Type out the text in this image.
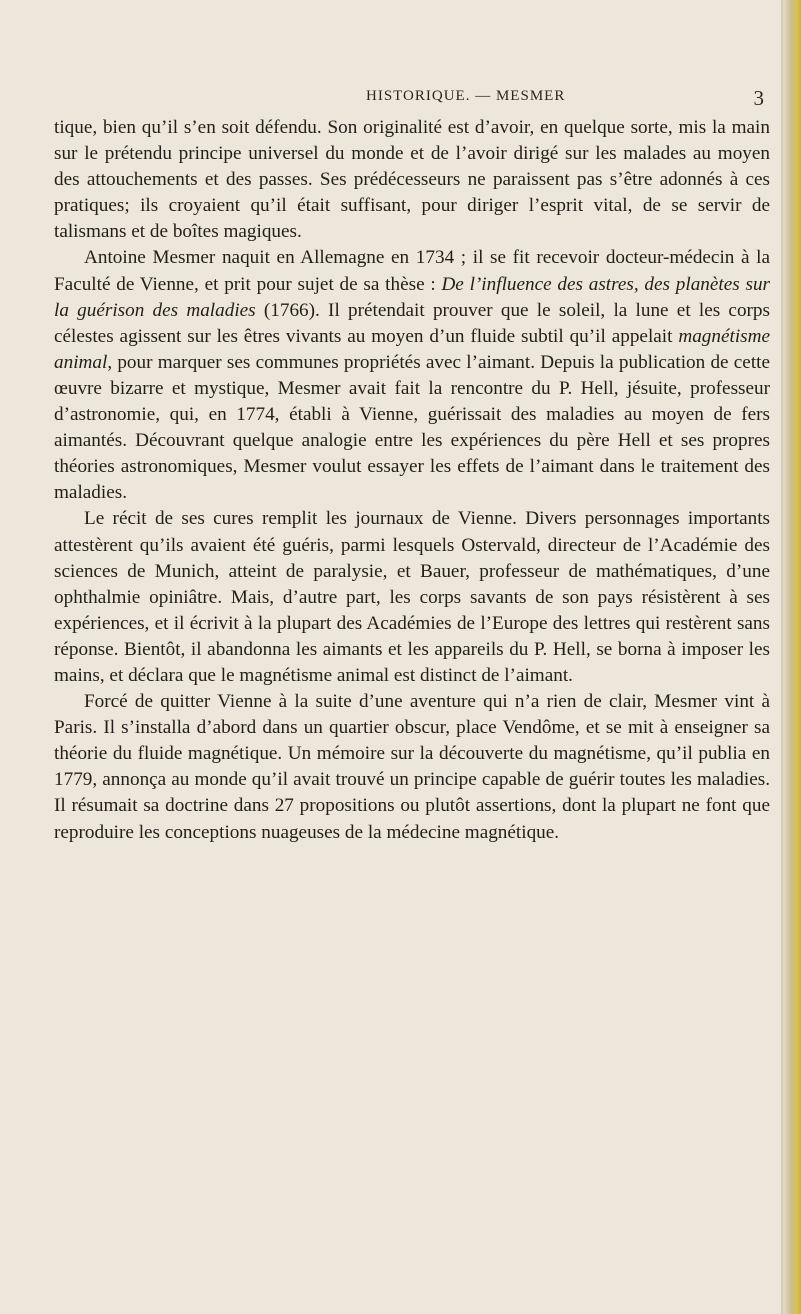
HISTORIQUE. — MESMER	3

tique, bien qu’il s’en soit défendu. Son originalité est d’avoir, en quelque sorte, mis la main sur le prétendu principe universel du monde et de l’avoir dirigé sur les malades au moyen des attouchements et des passes. Ses prédécesseurs ne paraissent pas s’être adonnés à ces pratiques; ils croyaient qu’il était suffisant, pour diriger l’esprit vital, de se servir de talismans et de boîtes magiques.

Antoine Mesmer naquit en Allemagne en 1734 ; il se fit recevoir docteur-médecin à la Faculté de Vienne, et prit pour sujet de sa thèse : De l’influence des astres, des planètes sur la guérison des maladies (1766). Il prétendait prouver que le soleil, la lune et les corps célestes agissent sur les êtres vivants au moyen d’un fluide subtil qu’il appelait magnétisme animal, pour marquer ses communes propriétés avec l’aimant. Depuis la publication de cette œuvre bizarre et mystique, Mesmer avait fait la rencontre du P. Hell, jésuite, professeur d’astronomie, qui, en 1774, établi à Vienne, guérissait des maladies au moyen de fers aimantés. Découvrant quelque analogie entre les expériences du père Hell et ses propres théories astronomiques, Mesmer voulut essayer les effets de l’aimant dans le traitement des maladies.

Le récit de ses cures remplit les journaux de Vienne. Divers personnages importants attestèrent qu’ils avaient été guéris, parmi lesquels Ostervald, directeur de l’Académie des sciences de Munich, atteint de paralysie, et Bauer, professeur de mathématiques, d’une ophthalmie opiniâtre. Mais, d’autre part, les corps savants de son pays résistèrent à ses expériences, et il écrivit à la plupart des Académies de l’Europe des lettres qui restèrent sans réponse. Bientôt, il abandonna les aimants et les appareils du P. Hell, se borna à imposer les mains, et déclara que le magnétisme animal est distinct de l’aimant.

Forcé de quitter Vienne à la suite d’une aventure qui n’a rien de clair, Mesmer vint à Paris. Il s’installa d’abord dans un quartier obscur, place Vendôme, et se mit à enseigner sa théorie du fluide magnétique. Un mémoire sur la découverte du magnétisme, qu’il publia en 1779, annonça au monde qu’il avait trouvé un principe capable de guérir toutes les maladies. Il résumait sa doctrine dans 27 propositions ou plutôt assertions, dont la plupart ne font que reproduire les conceptions nuageuses de la médecine magnétique.
